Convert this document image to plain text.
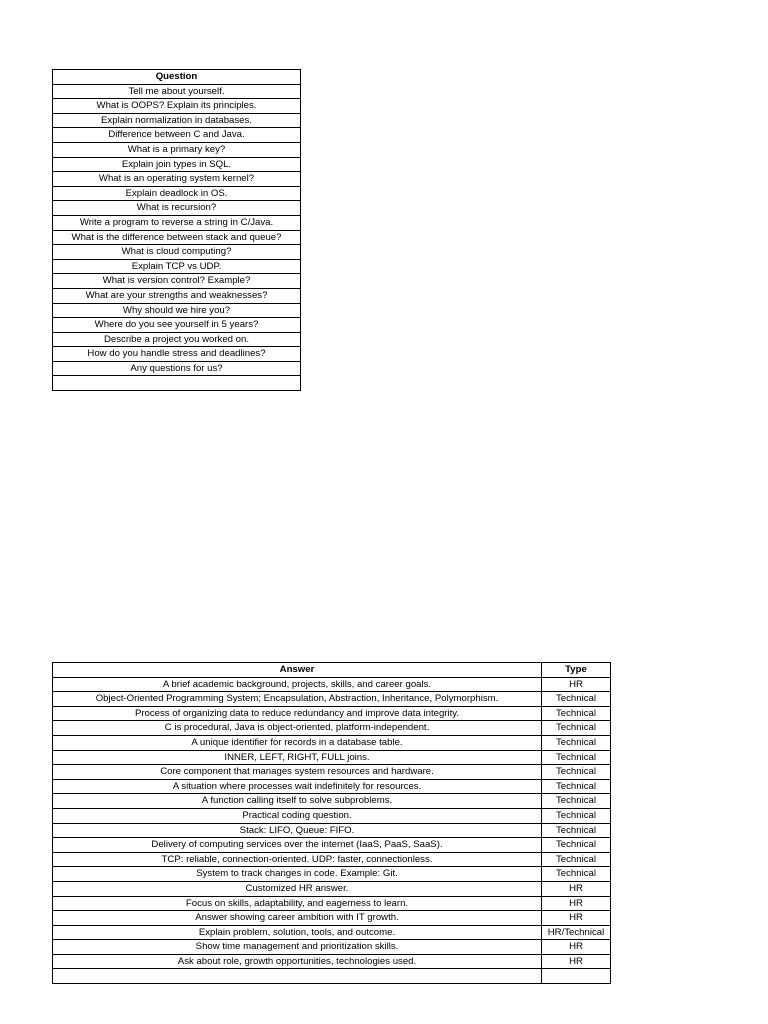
Question
Tell me about yourself.
What is OOPS? Explain its principles.
Explain normalization in databases.
Difference between C and Java.
What is a primary key?
Explain join types in SQL.
What is an operating system kernel?
Explain deadlock in OS.
What is recursion?
Write a program to reverse a string in C/Java.
What is the difference between stack and queue?
What is cloud computing?
Explain TCP vs UDP.
What is version control? Example?
What are your strengths and weaknesses?
Why should we hire you?
Where do you see yourself in 5 years?
Describe a project you worked on.
How do you handle stress and deadlines?
Any questions for us?

Answer	Type
A brief academic background, projects, skills, and career goals.	HR
Object-Oriented Programming System; Encapsulation, Abstraction, Inheritance, Polymorphism.	Technical
Process of organizing data to reduce redundancy and improve data integrity.	Technical
C is procedural, Java is object-oriented, platform-independent.	Technical
A unique identifier for records in a database table.	Technical
INNER, LEFT, RIGHT, FULL joins.	Technical
Core component that manages system resources and hardware.	Technical
A situation where processes wait indefinitely for resources.	Technical
A function calling itself to solve subproblems.	Technical
Practical coding question.	Technical
Stack: LIFO, Queue: FIFO.	Technical
Delivery of computing services over the internet (IaaS, PaaS, SaaS).	Technical
TCP: reliable, connection-oriented. UDP: faster, connectionless.	Technical
System to track changes in code. Example: Git.	Technical
Customized HR answer.	HR
Focus on skills, adaptability, and eagerness to learn.	HR
Answer showing career ambition with IT growth.	HR
Explain problem, solution, tools, and outcome.	HR/Technical
Show time management and prioritization skills.	HR
Ask about role, growth opportunities, technologies used.	HR
